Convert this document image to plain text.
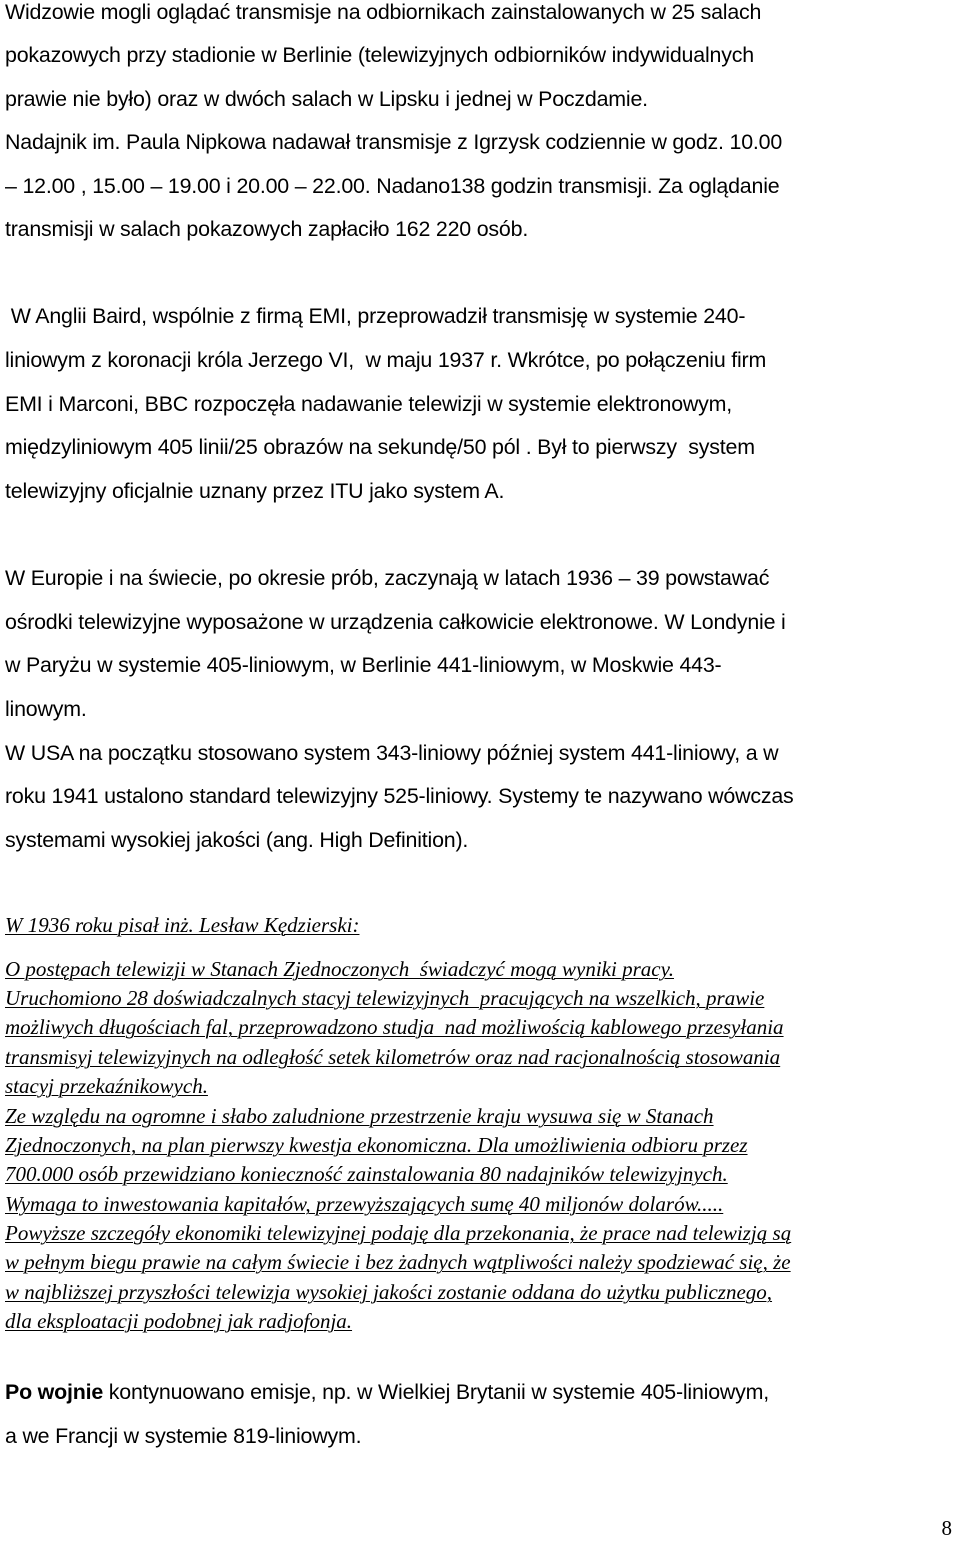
Widzowie mogli oglądać transmisje na odbiornikach zainstalowanych w 25 salach

pokazowych przy stadionie w Berlinie (telewizyjnych odbiorników indywidualnych

prawie nie było) oraz w dwóch salach w Lipsku i jednej w Poczdamie.

Nadajnik im. Paula Nipkowa nadawał transmisje z Igrzysk codziennie w godz. 10.00

– 12.00 , 15.00 – 19.00 i 20.00 – 22.00. Nadano138 godzin transmisji. Za oglądanie

transmisji w salach pokazowych zapłaciło 162 220 osób.

W Anglii Baird, wspólnie z firmą EMI, przeprowadził transmisję w systemie 240-

liniowym z koronacji króla Jerzego VI,  w maju 1937 r. Wkrótce, po połączeniu firm

EMI i Marconi, BBC rozpoczęła nadawanie telewizji w systemie elektronowym,

międzyliniowym 405 linii/25 obrazów na sekundę/50 pól . Był to pierwszy  system

telewizyjny oficjalnie uznany przez ITU jako system A.

W Europie i na świecie, po okresie prób, zaczynają w latach 1936 – 39 powstawać

ośrodki telewizyjne wyposażone w urządzenia całkowicie elektronowe. W Londynie i

w Paryżu w systemie 405-liniowym, w Berlinie 441-liniowym, w Moskwie 443-

linowym.

W USA na początku stosowano system 343-liniowy później system 441-liniowy, a w

roku 1941 ustalono standard telewizyjny 525-liniowy. Systemy te nazywano wówczas

systemami wysokiej jakości (ang. High Definition).

W 1936 roku pisał inż. Lesław Kędzierski:

O postępach telewizji w Stanach Zjednoczonych  świadczyć mogą wyniki pracy.

Uruchomiono 28 doświadczalnych stacyj telewizyjnych  pracujących na wszelkich, prawie

możliwych długościach fal, przeprowadzono studja  nad możliwością kablowego przesyłania

transmisyj telewizyjnych na odległość setek kilometrów oraz nad racjonalnością stosowania

stacyj przekaźnikowych.

Ze względu na ogromne i słabo zaludnione przestrzenie kraju wysuwa się w Stanach

Zjednoczonych, na plan pierwszy kwestja ekonomiczna. Dla umożliwienia odbioru przez

700.000 osób przewidziano konieczność zainstalowania 80 nadajników telewizyjnych.

Wymaga to inwestowania kapitałów, przewyższających sumę 40 miljonów dolarów.....

Powyższe szczegóły ekonomiki telewizyjnej podaję dla przekonania, że prace nad telewizją są

w pełnym biegu prawie na całym świecie i bez żadnych wątpliwości należy spodziewać się, że

w najbliższej przyszłości telewizja wysokiej jakości zostanie oddana do użytku publicznego,

dla eksploatacji podobnej jak radjofonja.

Po wojnie kontynuowano emisje, np. w Wielkiej Brytanii w systemie 405-liniowym,

a we Francji w systemie 819-liniowym.

8
